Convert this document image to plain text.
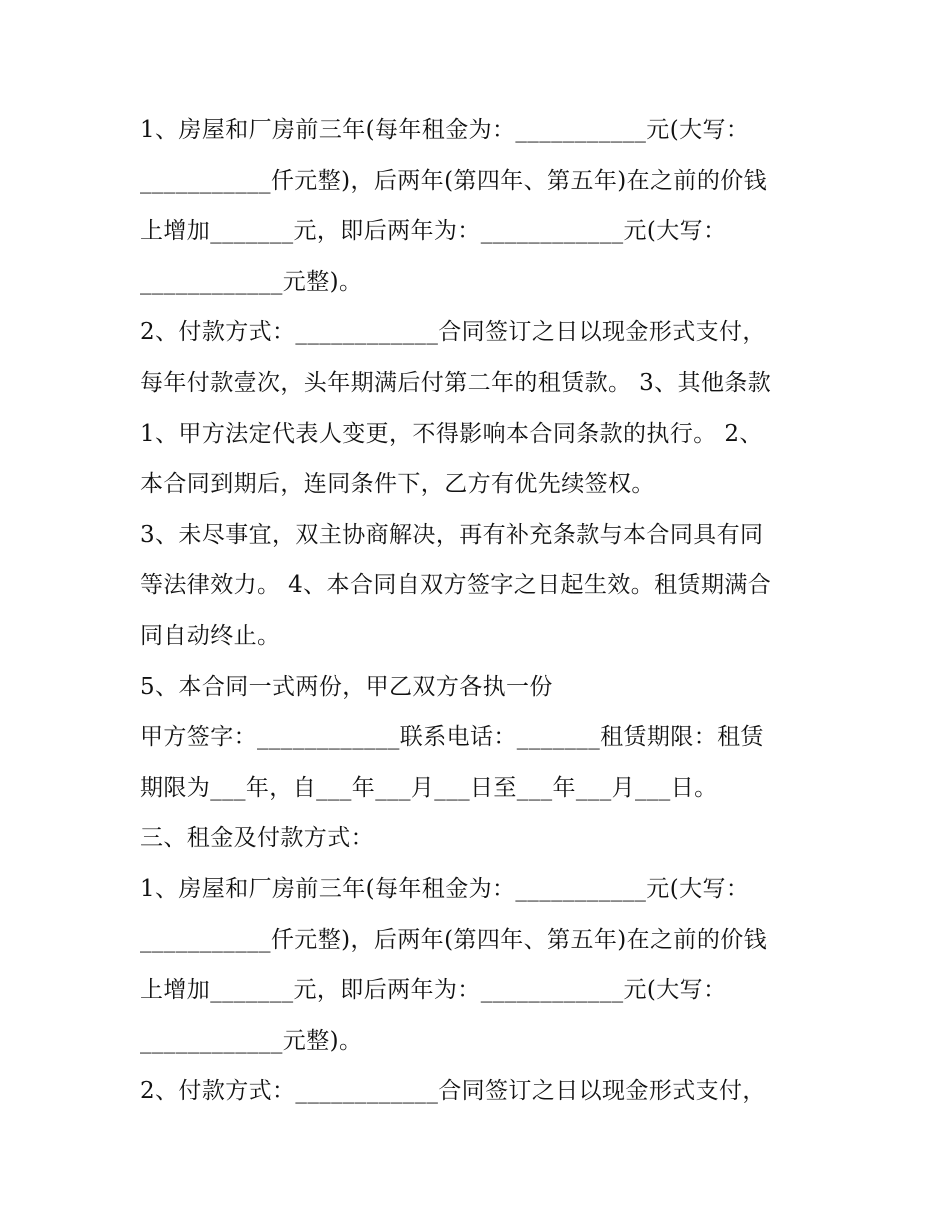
1、房屋和厂房前三年(每年租金为：___________元(大写：
___________仟元整)，后两年(第四年、第五年)在之前的价钱
上增加_______元，即后两年为：____________元(大写：
____________元整)。
2、付款方式：____________合同签订之日以现金形式支付，
每年付款壹次，头年期满后付第二年的租赁款。 3、其他条款
1、甲方法定代表人变更，不得影响本合同条款的执行。 2、
本合同到期后，连同条件下，乙方有优先续签权。
3、未尽事宜，双主协商解决，再有补充条款与本合同具有同
等法律效力。 4、本合同自双方签字之日起生效。租赁期满合
同自动终止。
5、本合同一式两份，甲乙双方各执一份
甲方签字：____________联系电话：_______租赁期限：租赁
期限为___年，自___年___月___日至___年___月___日。
三、租金及付款方式：
1、房屋和厂房前三年(每年租金为：___________元(大写：
___________仟元整)，后两年(第四年、第五年)在之前的价钱
上增加_______元，即后两年为：____________元(大写：
____________元整)。
2、付款方式：____________合同签订之日以现金形式支付，
